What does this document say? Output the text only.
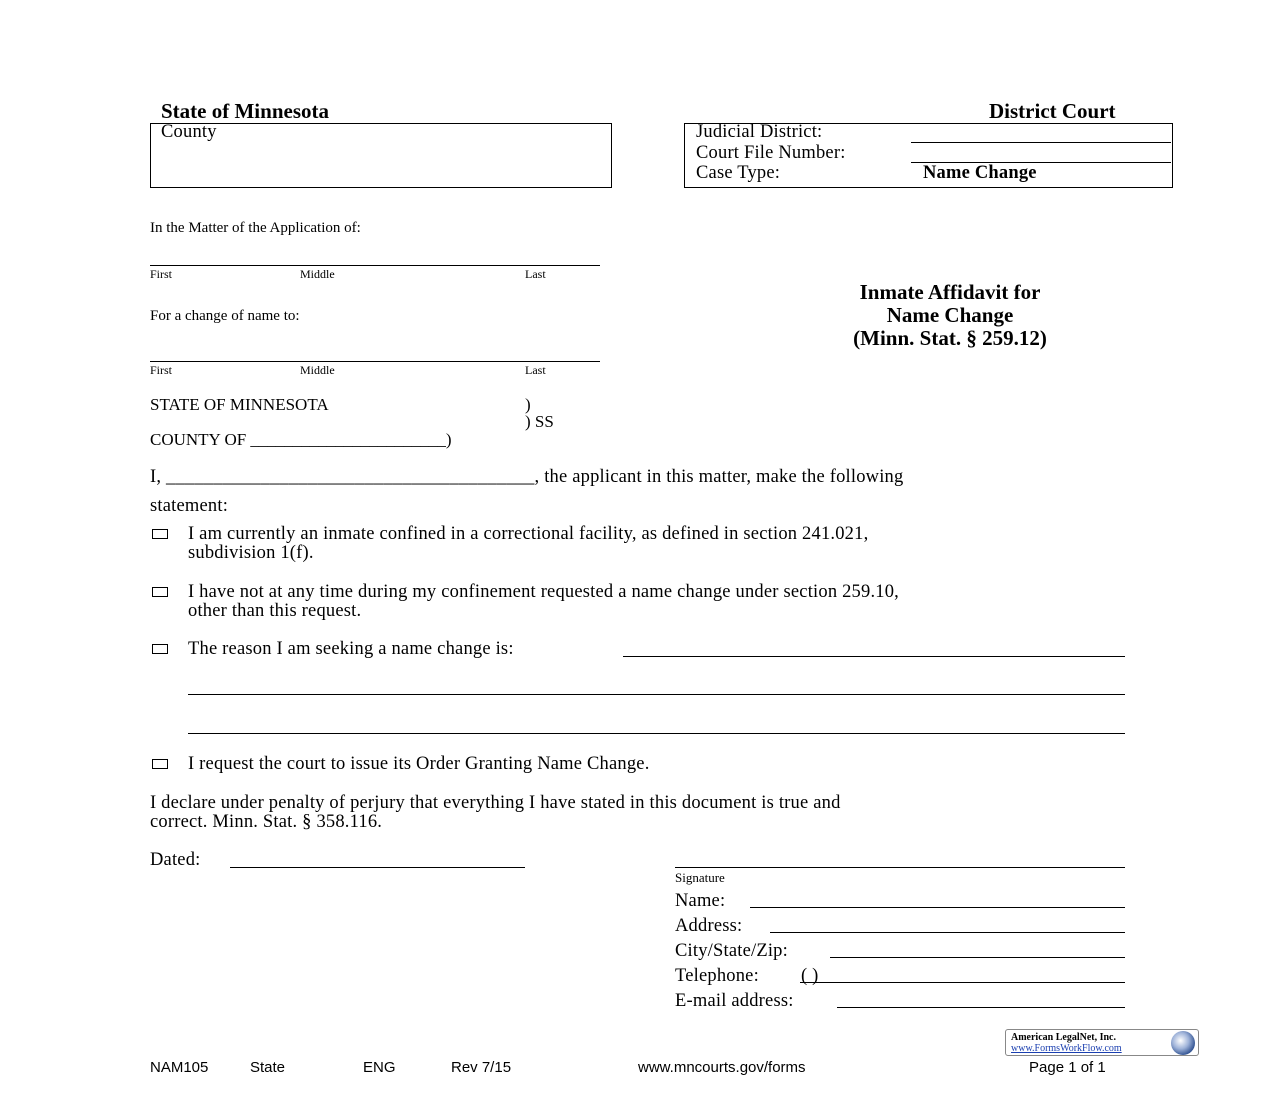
State of Minnesota	District Court
County	Judicial District:
Court File Number:
Case Type:	Name Change
In the Matter of the Application of:
First	Middle	Last
For a change of name to:
First	Middle	Last
Inmate Affidavit for
Name Change
(Minn. Stat. § 259.12)
STATE OF MINNESOTA	)
) SS
COUNTY OF _______________________)
I, _______________________________________, the applicant in this matter, make the following
statement:
I am currently an inmate confined in a correctional facility, as defined in section 241.021,
subdivision 1(f).
I have not at any time during my confinement requested a name change under section 259.10,
other than this request.
The reason I am seeking a name change is:
I request the court to issue its Order Granting Name Change.
I declare under penalty of perjury that everything I have stated in this document is true and
correct. Minn. Stat. § 358.116.
Dated:
Signature
Name:
Address:
City/State/Zip:
Telephone: ( )
E-mail address:
American LegalNet, Inc.
www.FormsWorkFlow.com
NAM105	State	ENG	Rev 7/15	www.mncourts.gov/forms	Page 1 of 1
